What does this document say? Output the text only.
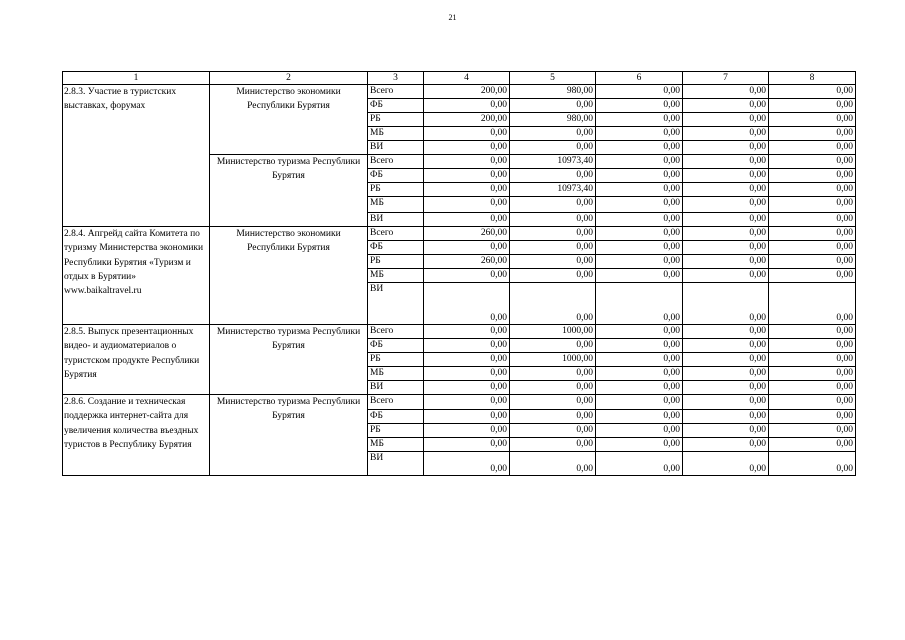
21
1	2	3	4	5	6	7	8
2.8.3. Участие в туристских выставках, форумах	Министерство экономики Республики Бурятия	Всего	200,00	980,00	0,00	0,00	0,00
		ФБ	0,00	0,00	0,00	0,00	0,00
		РБ	200,00	980,00	0,00	0,00	0,00
		МБ	0,00	0,00	0,00	0,00	0,00
		ВИ	0,00	0,00	0,00	0,00	0,00
	Министерство туризма Республики Бурятия	Всего	0,00	10973,40	0,00	0,00	0,00
		ФБ	0,00	0,00	0,00	0,00	0,00
		РБ	0,00	10973,40	0,00	0,00	0,00
		МБ	0,00	0,00	0,00	0,00	0,00
		ВИ	0,00	0,00	0,00	0,00	0,00
2.8.4. Апгрейд сайта Комитета по туризму Министерства экономики Республики Бурятия «Туризм и отдых в Бурятии» www.baikaltravel.ru	Министерство экономики Республики Бурятия	Всего	260,00	0,00	0,00	0,00	0,00
		ФБ	0,00	0,00	0,00	0,00	0,00
		РБ	260,00	0,00	0,00	0,00	0,00
		МБ	0,00	0,00	0,00	0,00	0,00
		ВИ	0,00	0,00	0,00	0,00	0,00
2.8.5. Выпуск презентационных видео- и аудиоматериалов о туристском продукте Республики Бурятия	Министерство туризма Республики Бурятия	Всего	0,00	1000,00	0,00	0,00	0,00
		ФБ	0,00	0,00	0,00	0,00	0,00
		РБ	0,00	1000,00	0,00	0,00	0,00
		МБ	0,00	0,00	0,00	0,00	0,00
		ВИ	0,00	0,00	0,00	0,00	0,00
2.8.6. Создание и техническая поддержка интернет-сайта для увеличения количества въездных туристов в Республику Бурятия	Министерство туризма Республики Бурятия	Всего	0,00	0,00	0,00	0,00	0,00
		ФБ	0,00	0,00	0,00	0,00	0,00
		РБ	0,00	0,00	0,00	0,00	0,00
		МБ	0,00	0,00	0,00	0,00	0,00
		ВИ	0,00	0,00	0,00	0,00	0,00
